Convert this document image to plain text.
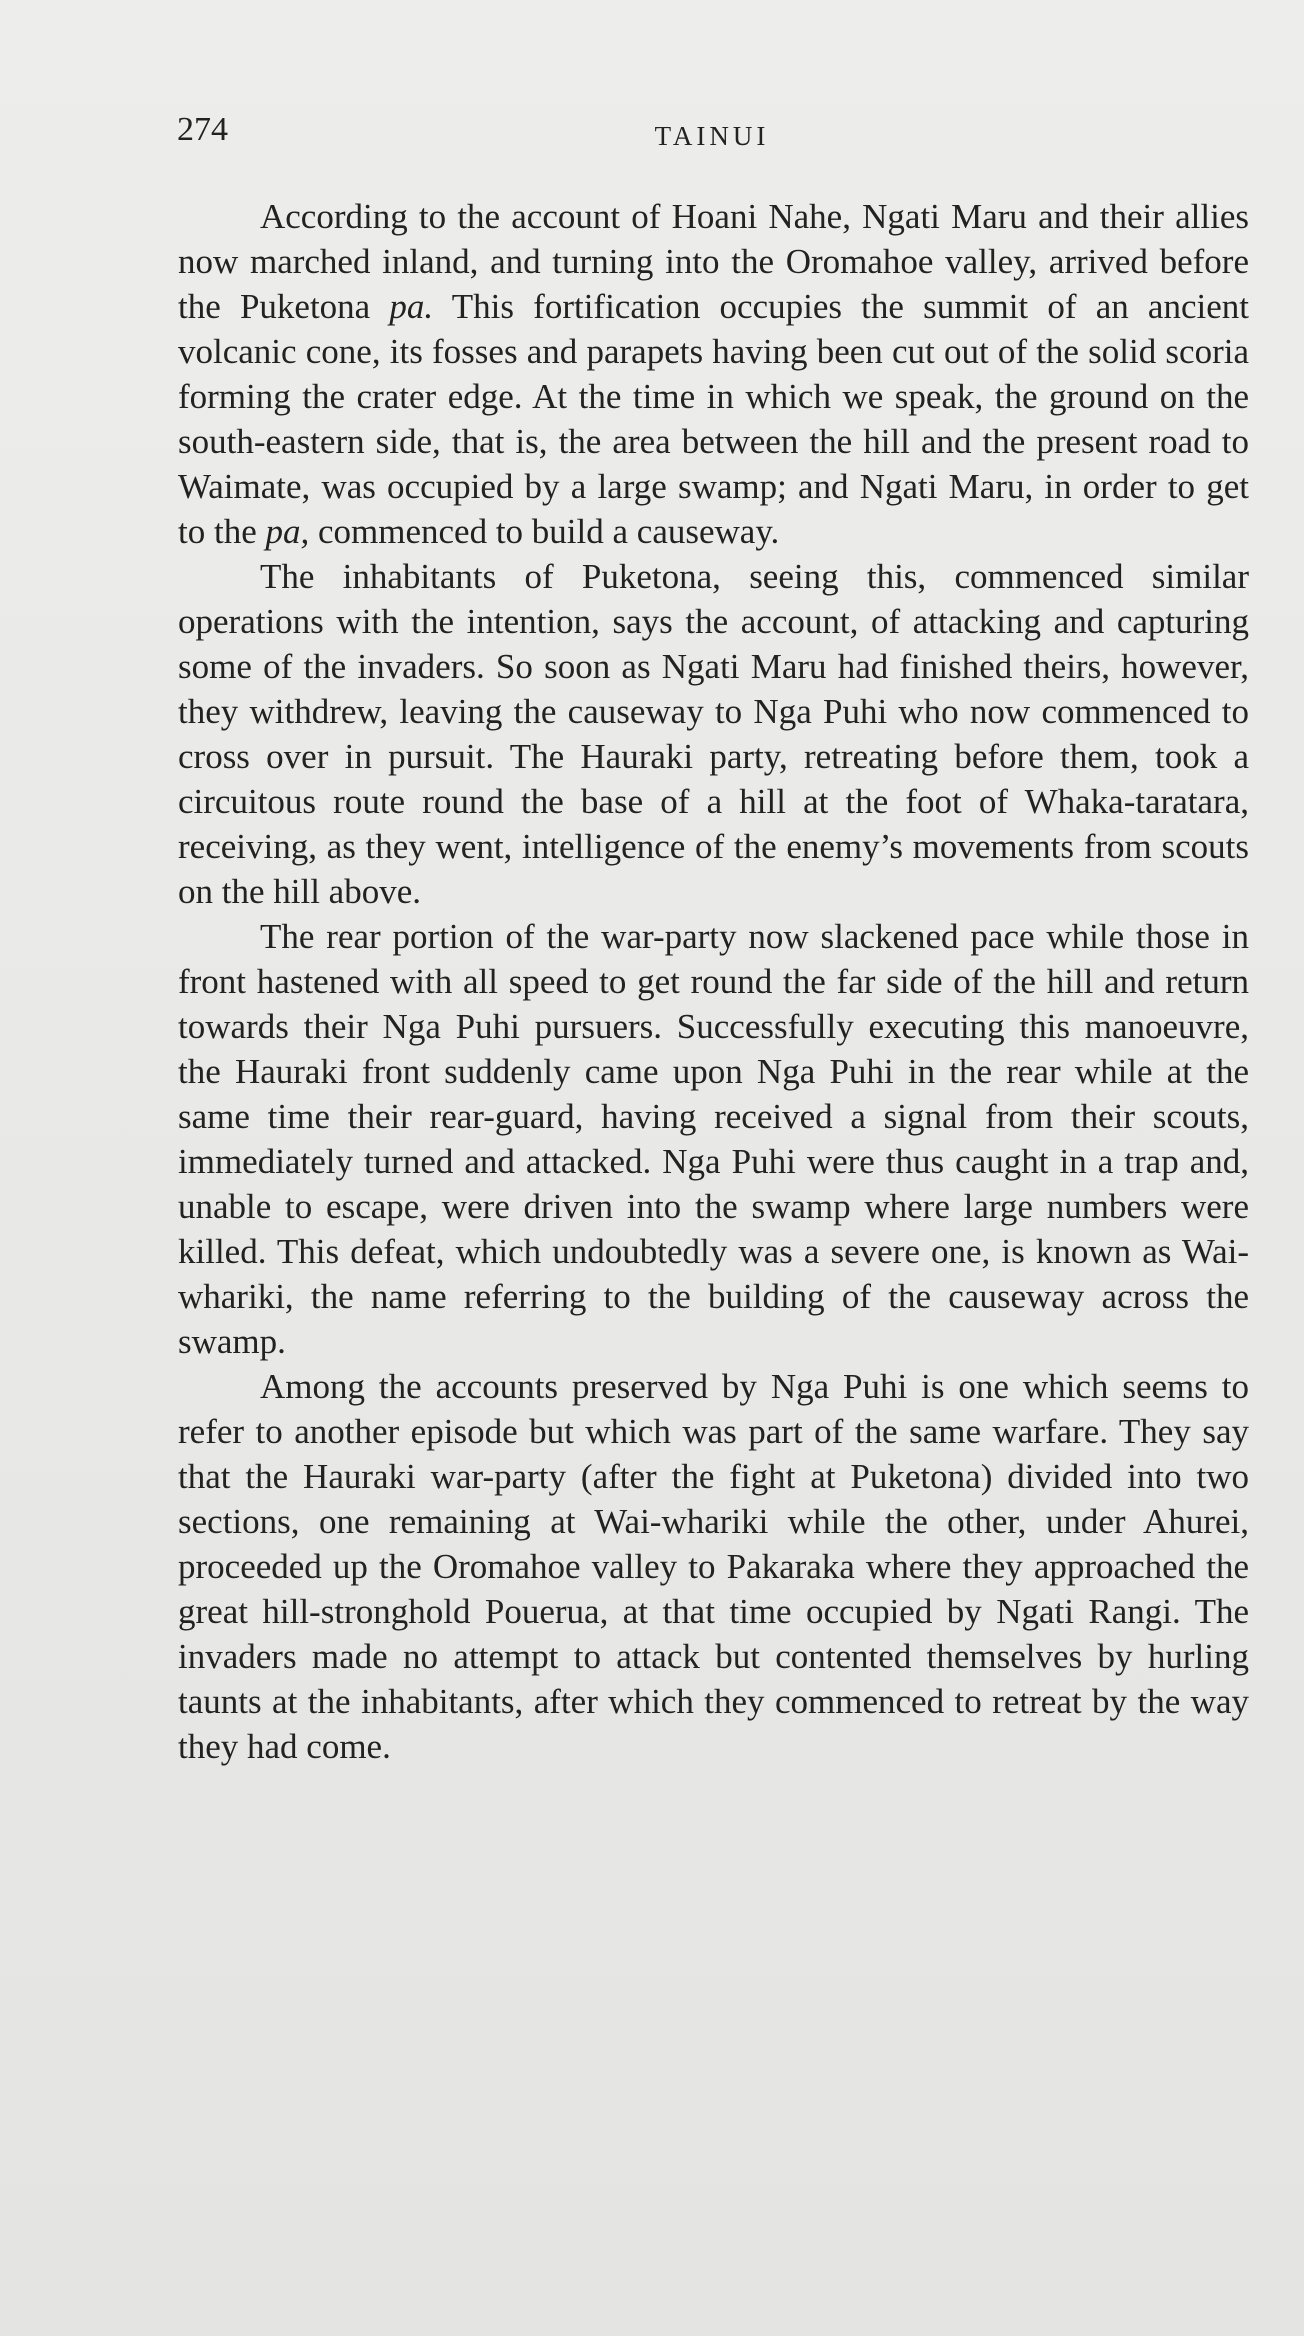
274	TAINUI

According to the account of Hoani Nahe, Ngati Maru and their allies now marched inland, and turning into the Oromahoe valley, arrived before the Puketona pa. This fortification occupies the summit of an ancient volcanic cone, its fosses and parapets having been cut out of the solid scoria forming the crater edge. At the time in which we speak, the ground on the south-eastern side, that is, the area between the hill and the present road to Waimate, was occupied by a large swamp; and Ngati Maru, in order to get to the pa, commenced to build a causeway.

The inhabitants of Puketona, seeing this, commenced similar operations with the intention, says the account, of attacking and capturing some of the invaders. So soon as Ngati Maru had finished theirs, however, they withdrew, leaving the causeway to Nga Puhi who now commenced to cross over in pursuit. The Hauraki party, retreating before them, took a circuitous route round the base of a hill at the foot of Whaka-taratara, receiving, as they went, intelligence of the enemy’s movements from scouts on the hill above.

The rear portion of the war-party now slackened pace while those in front hastened with all speed to get round the far side of the hill and return towards their Nga Puhi pursuers. Successfully executing this manoeuvre, the Hauraki front suddenly came upon Nga Puhi in the rear while at the same time their rear-guard, having received a signal from their scouts, immediately turned and attacked. Nga Puhi were thus caught in a trap and, unable to escape, were driven into the swamp where large numbers were killed. This defeat, which undoubtedly was a severe one, is known as Wai-whariki, the name referring to the building of the causeway across the swamp.

Among the accounts preserved by Nga Puhi is one which seems to refer to another episode but which was part of the same warfare. They say that the Hauraki war-party (after the fight at Puketona) divided into two sections, one remaining at Wai-whariki while the other, under Ahurei, proceeded up the Oromahoe valley to Pakaraka where they approached the great hill-stronghold Pouerua, at that time occupied by Ngati Rangi. The invaders made no attempt to attack but contented themselves by hurling taunts at the inhabitants, after which they commenced to retreat by the way they had come.
